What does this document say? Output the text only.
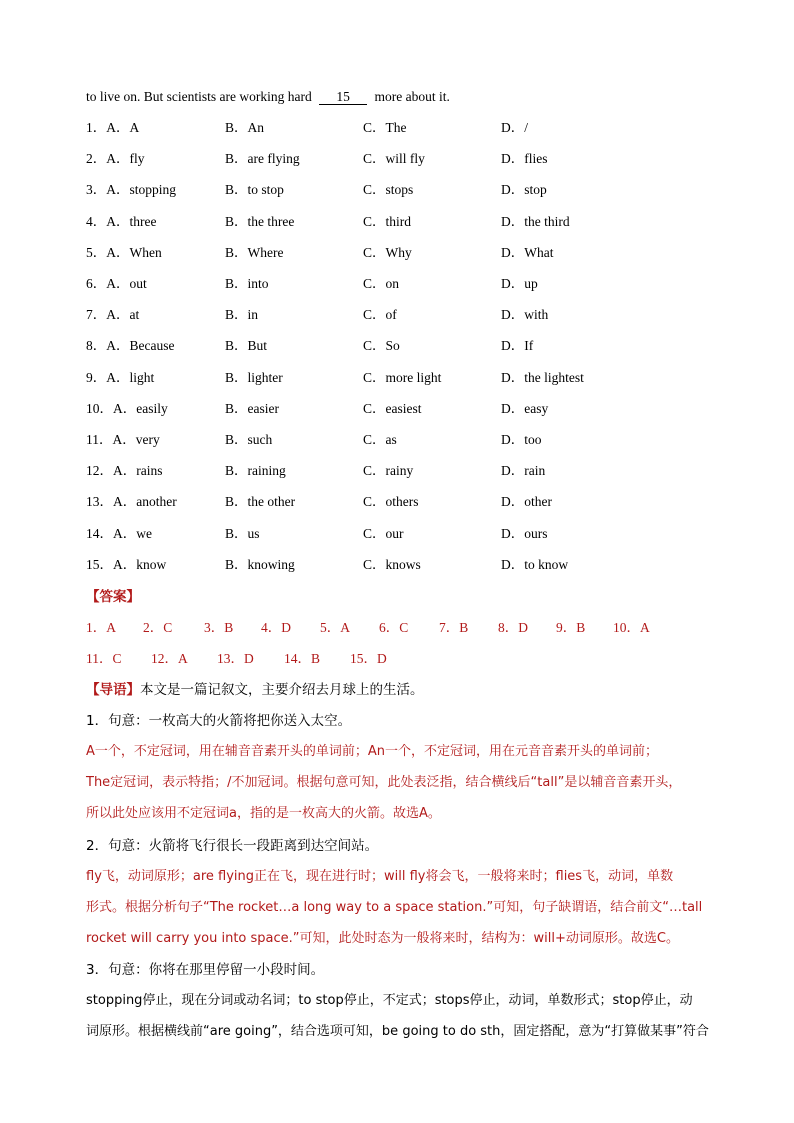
to live on. But scientists are working hard 15 more about it.
1．A．A	B．An	C．The	D．/
2．A．fly	B．are flying	C．will fly	D．flies
3．A．stopping	B．to stop	C．stops	D．stop
4．A．three	B．the three	C．third	D．the third
5．A．When	B．Where	C．Why	D．What
6．A．out	B．into	C．on	D．up
7．A．at	B．in	C．of	D．with
8．A．Because	B．But	C．So	D．If
9．A．light	B．lighter	C．more light	D．the lightest
10．A．easily	B．easier	C．easiest	D．easy
11．A．very	B．such	C．as	D．too
12．A．rains	B．raining	C．rainy	D．rain
13．A．another	B．the other	C．others	D．other
14．A．we	B．us	C．our	D．ours
15．A．know	B．knowing	C．knows	D．to know
【答案】
1．A 2．C 3．B 4．D 5．A 6．C 7．B 8．D 9．B 10．A
11．C 12．A 13．D 14．B 15．D
【导语】本文是一篇记叙文，主要介绍去月球上的生活。
1．句意：一枚高大的火箭将把你送入太空。
A一个，不定冠词，用在辅音音素开头的单词前；An一个，不定冠词，用在元音音素开头的单词前；
The定冠词，表示特指；/不加冠词。根据句意可知，此处表泛指，结合横线后“tall”是以辅音音素开头，
所以此处应该用不定冠词a，指的是一枚高大的火箭。故选A。
2．句意：火箭将飞行很长一段距离到达空间站。
fly飞，动词原形；are flying正在飞，现在进行时；will fly将会飞，一般将来时；flies飞，动词，单数
形式。根据分析句子“The rocket…a long way to a space station.”可知，句子缺谓语，结合前文“…tall
rocket will carry you into space.”可知，此处时态为一般将来时，结构为：will+动词原形。故选C。
3．句意：你将在那里停留一小段时间。
stopping停止，现在分词或动名词；to stop停止，不定式；stops停止，动词，单数形式；stop停止，动
词原形。根据横线前“are going”，结合选项可知，be going to do sth，固定搭配，意为“打算做某事”符合
